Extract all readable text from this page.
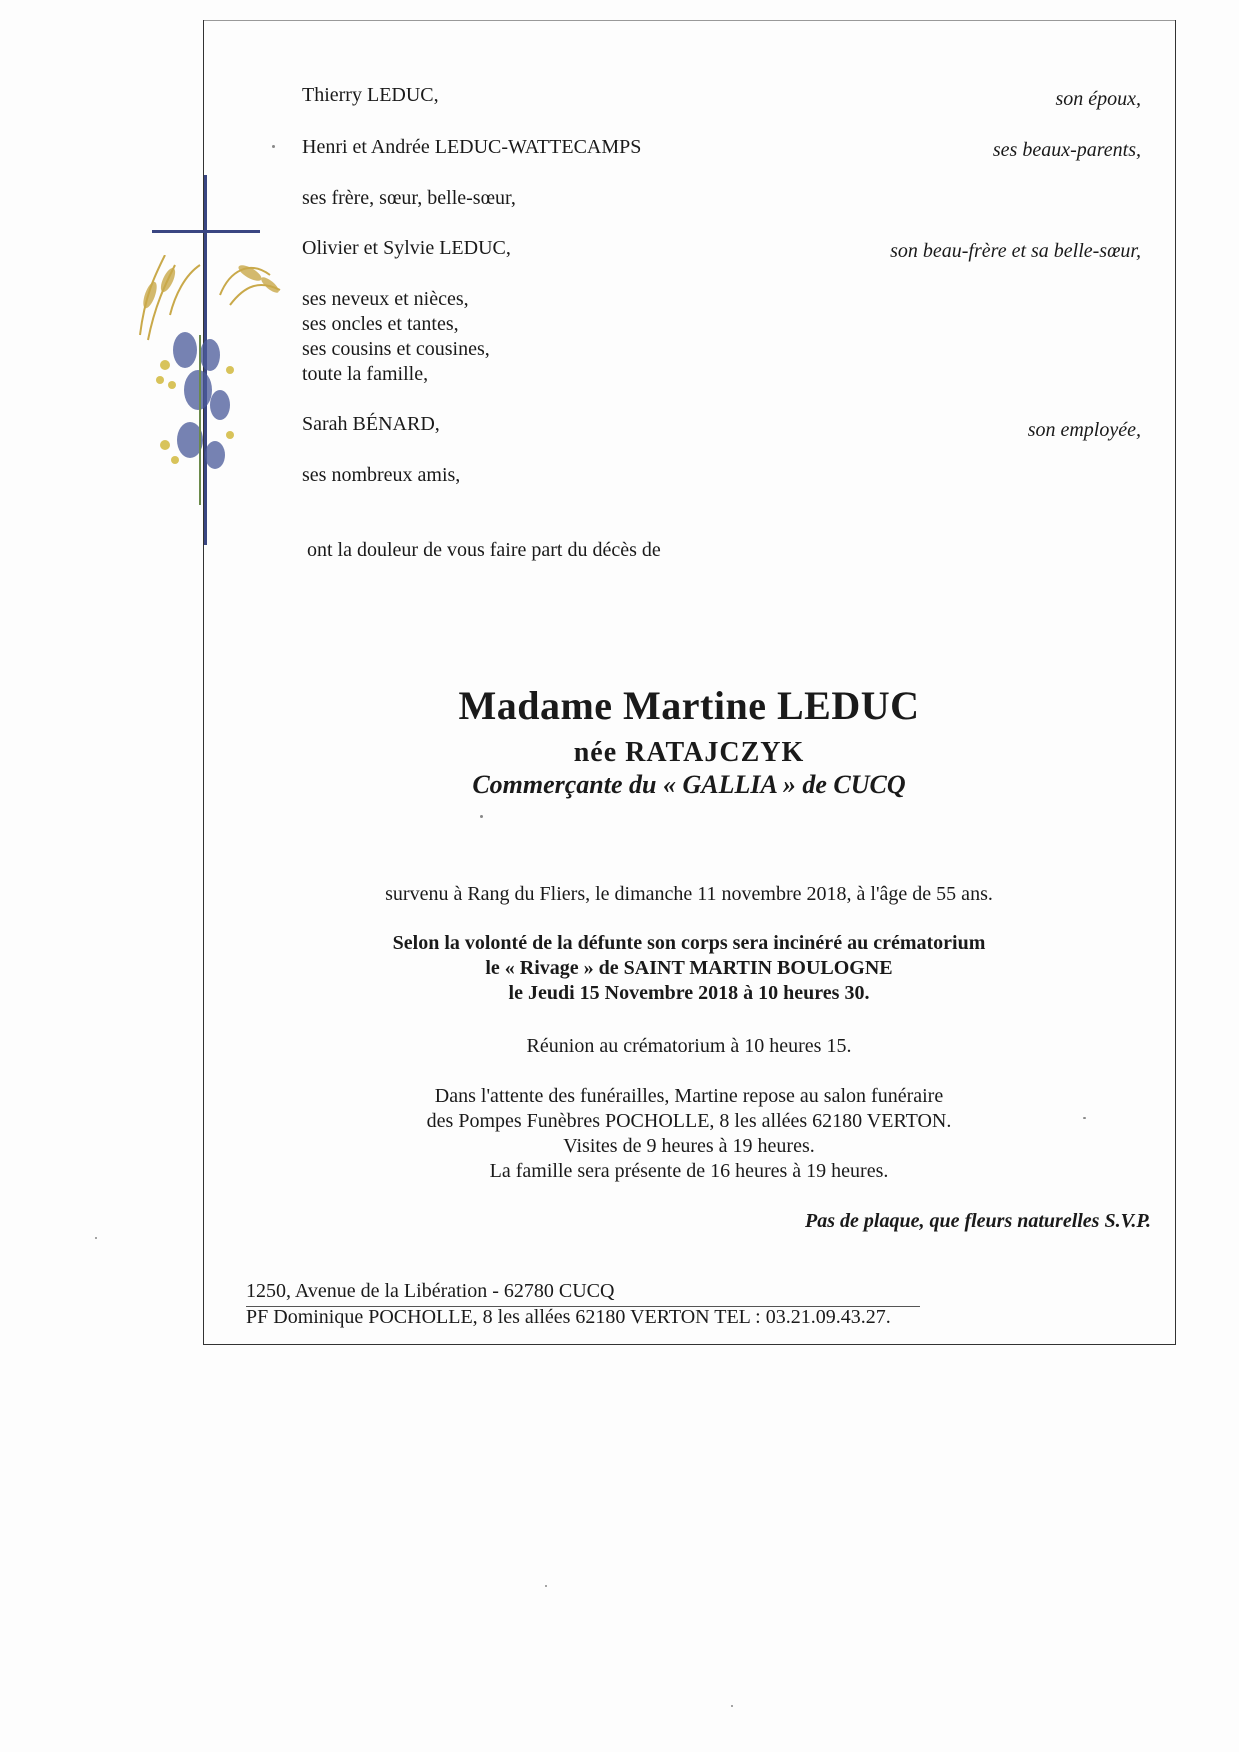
Thierry LEDUC,	son époux,
Henri et Andrée LEDUC-WATTECAMPS	ses beaux-parents,
ses frère, sœur, belle-sœur,
Olivier et Sylvie LEDUC,	son beau-frère et sa belle-sœur,
ses neveux et nièces,
ses oncles et tantes,
ses cousins et cousines,
toute la famille,
Sarah BÉNARD,	son employée,
ses nombreux amis,
ont la douleur de vous faire part du décès de
Madame Martine LEDUC
née RATAJCZYK
Commerçante du « GALLIA » de CUCQ
survenu à Rang du Fliers, le dimanche 11 novembre 2018, à l'âge de 55 ans.
Selon la volonté de la défunte son corps sera incinéré au crématorium
le « Rivage » de SAINT MARTIN BOULOGNE
le Jeudi 15 Novembre 2018 à 10 heures 30.
Réunion au crématorium à 10 heures 15.
Dans l'attente des funérailles, Martine repose au salon funéraire
des Pompes Funèbres POCHOLLE, 8 les allées 62180 VERTON.
Visites de 9 heures à 19 heures.
La famille sera présente de 16 heures à 19 heures.
Pas de plaque, que fleurs naturelles S.V.P.
1250, Avenue de la Libération - 62780 CUCQ
PF Dominique POCHOLLE, 8 les allées 62180 VERTON TEL : 03.21.09.43.27.
